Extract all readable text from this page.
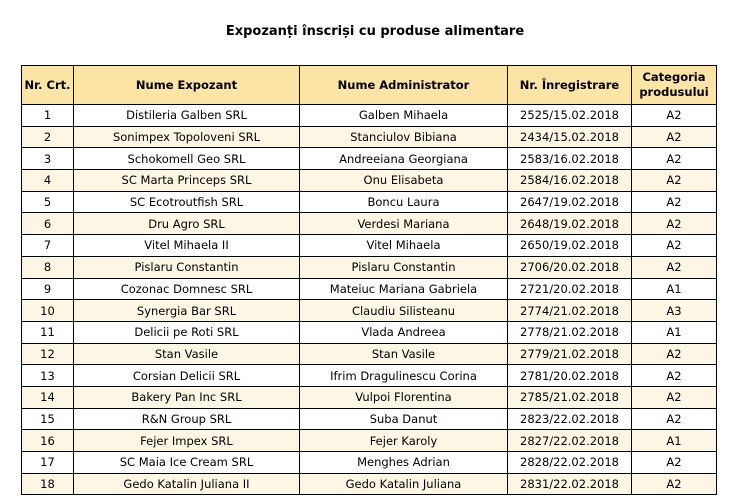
Expozanți înscriși cu produse alimentare
Nr. Crt.	Nume Expozant	Nume Administrator	Nr. Înregistrare	Categoria
produsului
1	Distileria Galben SRL	Galben Mihaela	2525/15.02.2018	A2
2	Sonimpex Topoloveni SRL	Stanciulov Bibiana	2434/15.02.2018	A2
3	Schokomell Geo SRL	Andreeiana Georgiana	2583/16.02.2018	A2
4	SC Marta Princeps SRL	Onu Elisabeta	2584/16.02.2018	A2
5	SC Ecotroutfish SRL	Boncu Laura	2647/19.02.2018	A2
6	Dru Agro SRL	Verdesi Mariana	2648/19.02.2018	A2
7	Vitel Mihaela II	Vitel Mihaela	2650/19.02.2018	A2
8	Pislaru Constantin	Pislaru Constantin	2706/20.02.2018	A2
9	Cozonac Domnesc SRL	Mateiuc Mariana Gabriela	2721/20.02.2018	A1
10	Synergia Bar SRL	Claudiu Silisteanu	2774/21.02.2018	A3
11	Delicii pe Roti SRL	Vlada Andreea	2778/21.02.2018	A1
12	Stan Vasile	Stan Vasile	2779/21.02.2018	A2
13	Corsian Delicii SRL	Ifrim Dragulinescu Corina	2781/20.02.2018	A2
14	Bakery Pan Inc SRL	Vulpoi Florentina	2785/21.02.2018	A2
15	R&N Group SRL	Suba Danut	2823/22.02.2018	A2
16	Fejer Impex SRL	Fejer Karoly	2827/22.02.2018	A1
17	SC Maia Ice Cream SRL	Menghes Adrian	2828/22.02.2018	A2
18	Gedo Katalin Juliana II	Gedo Katalin Juliana	2831/22.02.2018	A2
